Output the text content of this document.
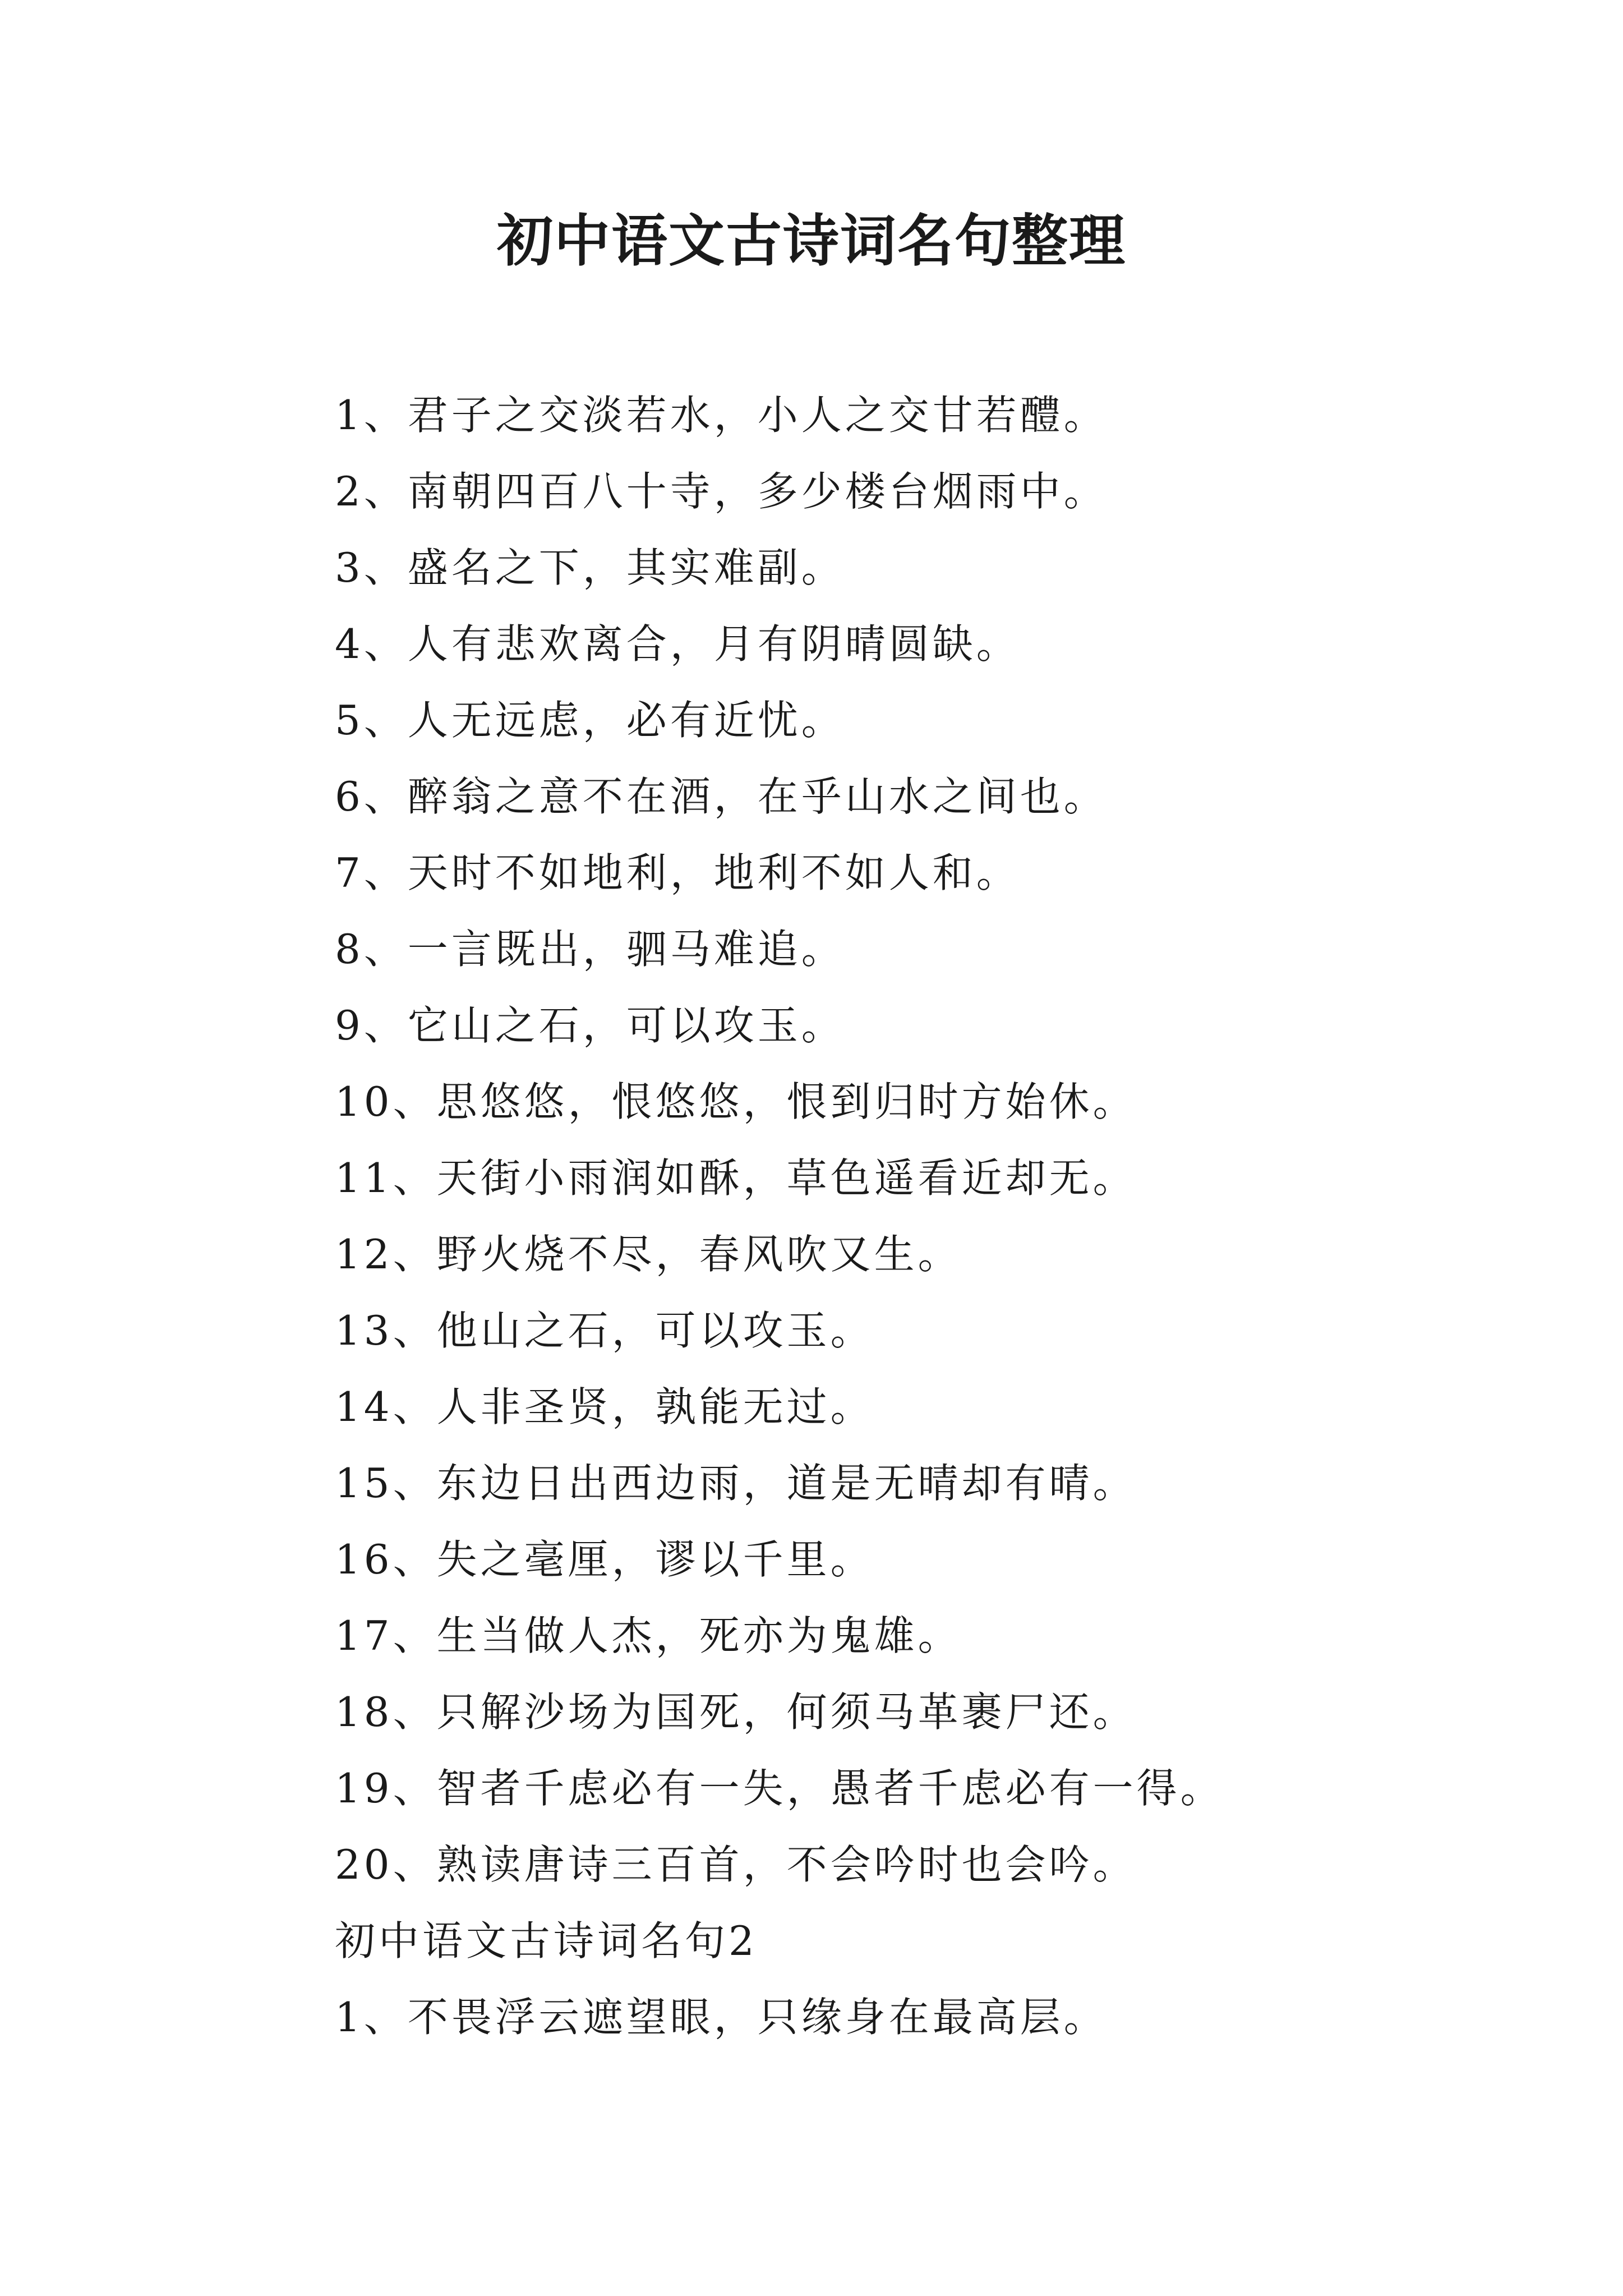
初中语文古诗词名句整理
1、君子之交淡若水，小人之交甘若醴。
2、南朝四百八十寺，多少楼台烟雨中。
3、盛名之下，其实难副。
4、人有悲欢离合，月有阴晴圆缺。
5、人无远虑，必有近忧。
6、醉翁之意不在酒，在乎山水之间也。
7、天时不如地利，地利不如人和。
8、一言既出，驷马难追。
9、它山之石，可以攻玉。
10、思悠悠，恨悠悠，恨到归时方始休。
11、天街小雨润如酥，草色遥看近却无。
12、野火烧不尽，春风吹又生。
13、他山之石，可以攻玉。
14、人非圣贤，孰能无过。
15、东边日出西边雨，道是无晴却有晴。
16、失之毫厘，谬以千里。
17、生当做人杰，死亦为鬼雄。
18、只解沙场为国死，何须马革裹尸还。
19、智者千虑必有一失，愚者千虑必有一得。
20、熟读唐诗三百首，不会吟时也会吟。
初中语文古诗词名句2
1、不畏浮云遮望眼，只缘身在最高层。
